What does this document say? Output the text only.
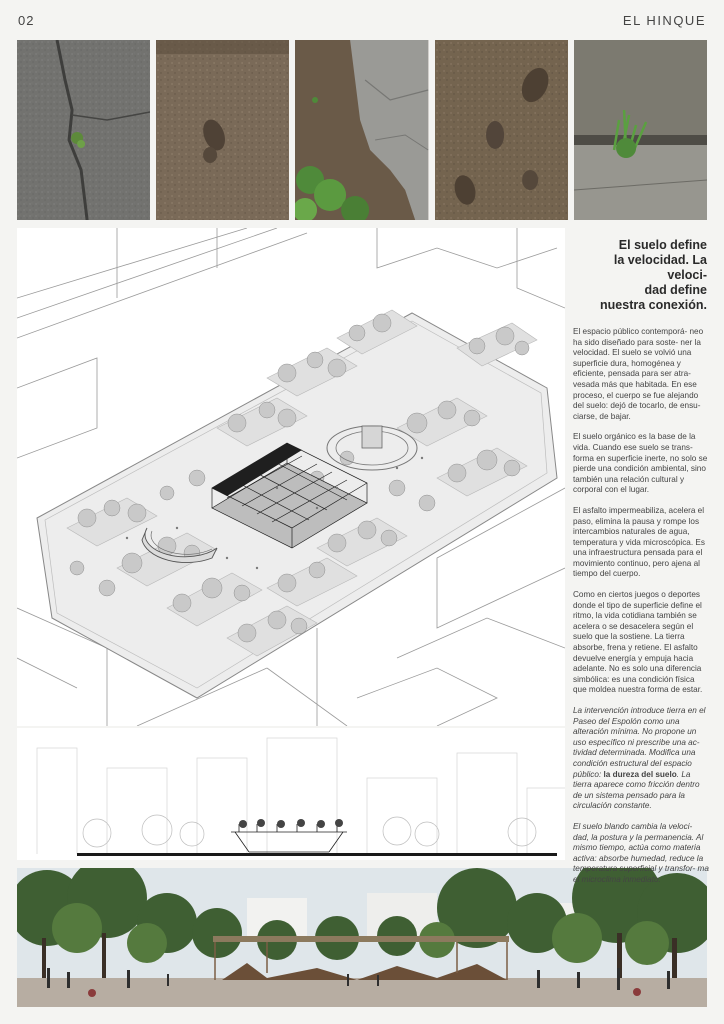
02	EL HINQUE
El suelo define
la velocidad. La veloci-
dad define
nuestra conexión.

El espacio público contemporá- neo ha sido diseñado para soste- ner la velocidad. El suelo se volvió una superficie dura, homogénea y eficiente, pensada para ser atra- vesada más que habitada. En ese proceso, el cuerpo se fue alejando del suelo: dejó de tocarlo, de ensu- ciarse, de bajar.

El suelo orgánico es la base de la vida. Cuando ese suelo se trans- forma en superficie inerte, no solo se pierde una condición ambiental, sino también una relación cultural y corporal con el lugar.

El asfalto impermeabiliza, acelera el paso, elimina la pausa y rompe los intercambios naturales de agua, temperatura y vida microscópica. Es una infraestructura pensada para el movimiento continuo, pero ajena al tiempo del cuerpo.

Como en ciertos juegos o deportes donde el tipo de superficie define el ritmo, la vida cotidiana también se acelera o se desacelera según el suelo que la sostiene. La tierra absorbe, frena y retiene. El asfalto devuelve energía y empuja hacia adelante. No es solo una diferencia simbólica: es una condición física que moldea nuestra forma de estar.

La intervención introduce tierra en el Paseo del Espolón como una alteración mínima. No propone un uso específico ni prescribe una ac- tividad determinada. Modifica una condición estructural del espacio público: la dureza del suelo. La tierra aparece como fricción dentro de un sistema pensado para la circulación constante.

El suelo blando cambia la veloci- dad, la postura y la permanencia. Al mismo tiempo, actúa como materia activa: absorbe humedad, reduce la temperatura superficial y transfor- ma el microclima inmediato.
